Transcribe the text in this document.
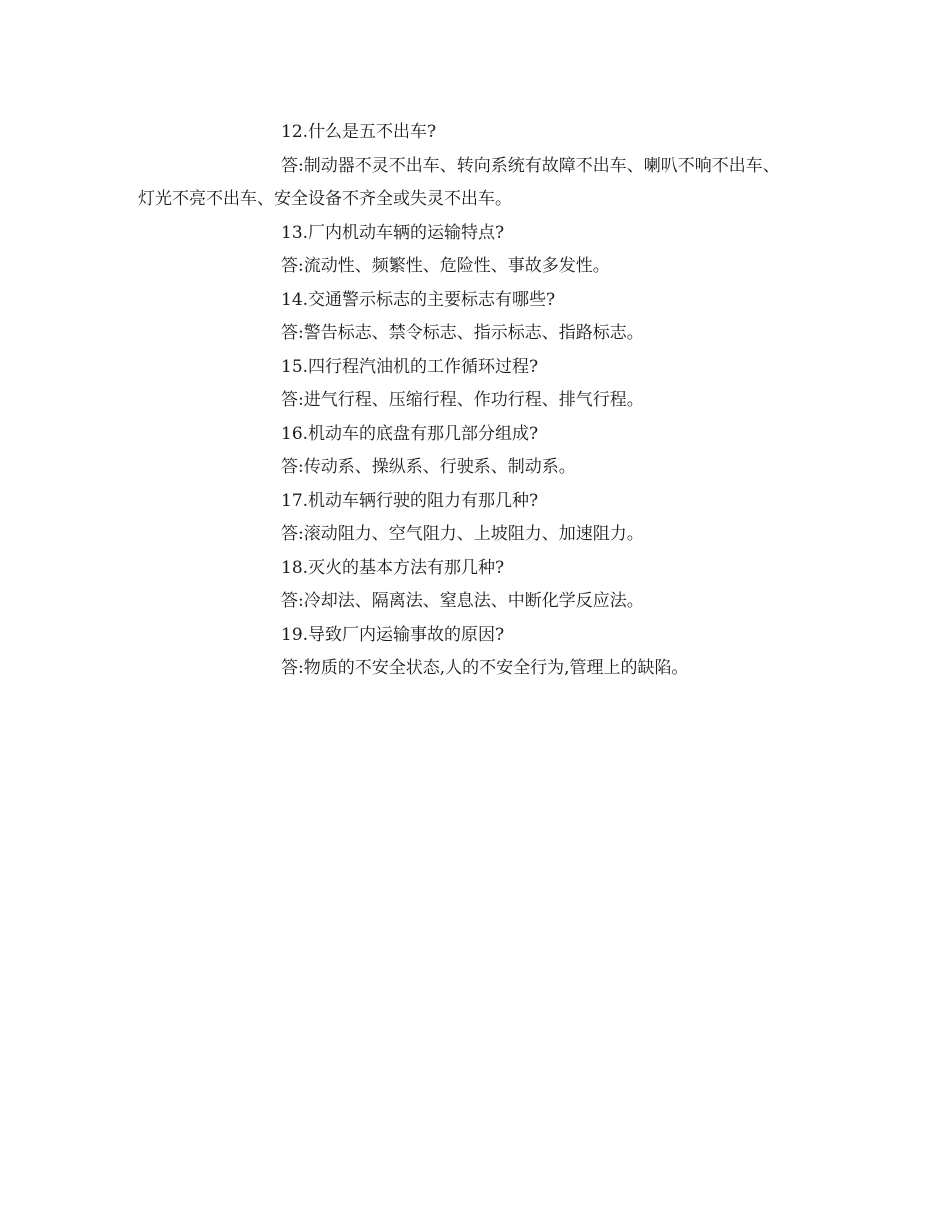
12.什么是五不出车?
答:制动器不灵不出车、转向系统有故障不出车、喇叭不响不出车、
灯光不亮不出车、安全设备不齐全或失灵不出车。
13.厂内机动车辆的运输特点?
答:流动性、频繁性、危险性、事故多发性。
14.交通警示标志的主要标志有哪些?
答:警告标志、禁令标志、指示标志、指路标志。
15.四行程汽油机的工作循环过程?
答:进气行程、压缩行程、作功行程、排气行程。
16.机动车的底盘有那几部分组成?
答:传动系、操纵系、行驶系、制动系。
17.机动车辆行驶的阻力有那几种?
答:滚动阻力、空气阻力、上坡阻力、加速阻力。
18.灭火的基本方法有那几种?
答:冷却法、隔离法、窒息法、中断化学反应法。
19.导致厂内运输事故的原因?
答:物质的不安全状态,人的不安全行为,管理上的缺陷。
